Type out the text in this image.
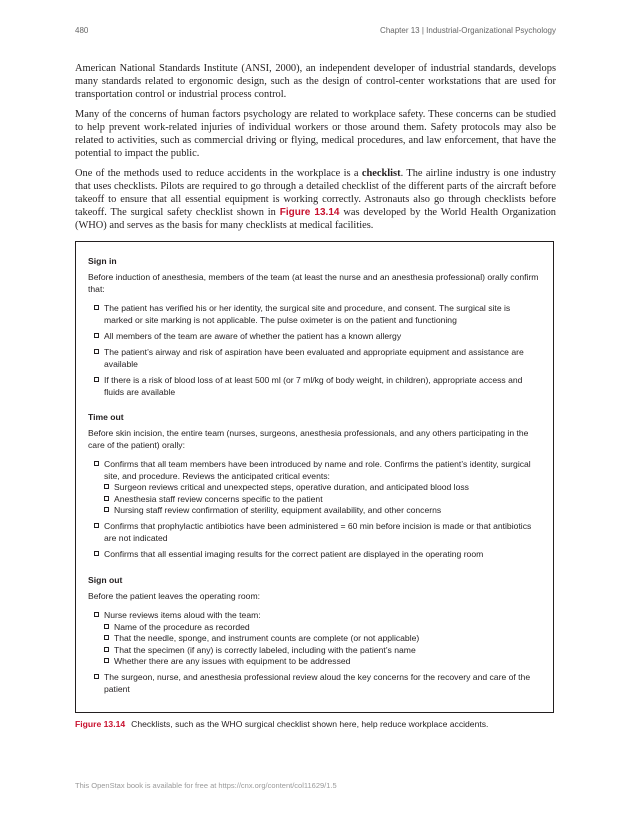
480	Chapter 13 | Industrial-Organizational Psychology

American National Standards Institute (ANSI, 2000), an independent developer of industrial standards, develops many standards related to ergonomic design, such as the design of control-center workstations that are used for transportation control or industrial process control.

Many of the concerns of human factors psychology are related to workplace safety. These concerns can be studied to help prevent work-related injuries of individual workers or those around them. Safety protocols may also be related to activities, such as commercial driving or flying, medical procedures, and law enforcement, that have the potential to impact the public.

One of the methods used to reduce accidents in the workplace is a checklist. The airline industry is one industry that uses checklists. Pilots are required to go through a detailed checklist of the different parts of the aircraft before takeoff to ensure that all essential equipment is working correctly. Astronauts also go through checklists before takeoff. The surgical safety checklist shown in Figure 13.14 was developed by the World Health Organization (WHO) and serves as the basis for many checklists at medical facilities.

Sign in
Before induction of anesthesia, members of the team (at least the nurse and an anesthesia professional) orally confirm that:
The patient has verified his or her identity, the surgical site and procedure, and consent. The surgical site is marked or site marking is not applicable. The pulse oximeter is on the patient and functioning
All members of the team are aware of whether the patient has a known allergy
The patient’s airway and risk of aspiration have been evaluated and appropriate equipment and assistance are available
If there is a risk of blood loss of at least 500 ml (or 7 ml/kg of body weight, in children), appropriate access and fluids are available
Time out
Before skin incision, the entire team (nurses, surgeons, anesthesia professionals, and any others participating in the care of the patient) orally:
Confirms that all team members have been introduced by name and role. Confirms the patient’s identity, surgical site, and procedure. Reviews the anticipated critical events:
Surgeon reviews critical and unexpected steps, operative duration, and anticipated blood loss
Anesthesia staff review concerns specific to the patient
Nursing staff review confirmation of sterility, equipment availability, and other concerns
Confirms that prophylactic antibiotics have been administered = 60 min before incision is made or that antibiotics are not indicated
Confirms that all essential imaging results for the correct patient are displayed in the operating room
Sign out
Before the patient leaves the operating room:
Nurse reviews items aloud with the team:
Name of the procedure as recorded
That the needle, sponge, and instrument counts are complete (or not applicable)
That the specimen (if any) is correctly labeled, including with the patient’s name
Whether there are any issues with equipment to be addressed
The surgeon, nurse, and anesthesia professional review aloud the key concerns for the recovery and care of the patient
Figure 13.14 Checklists, such as the WHO surgical checklist shown here, help reduce workplace accidents.
This OpenStax book is available for free at https://cnx.org/content/col11629/1.5
